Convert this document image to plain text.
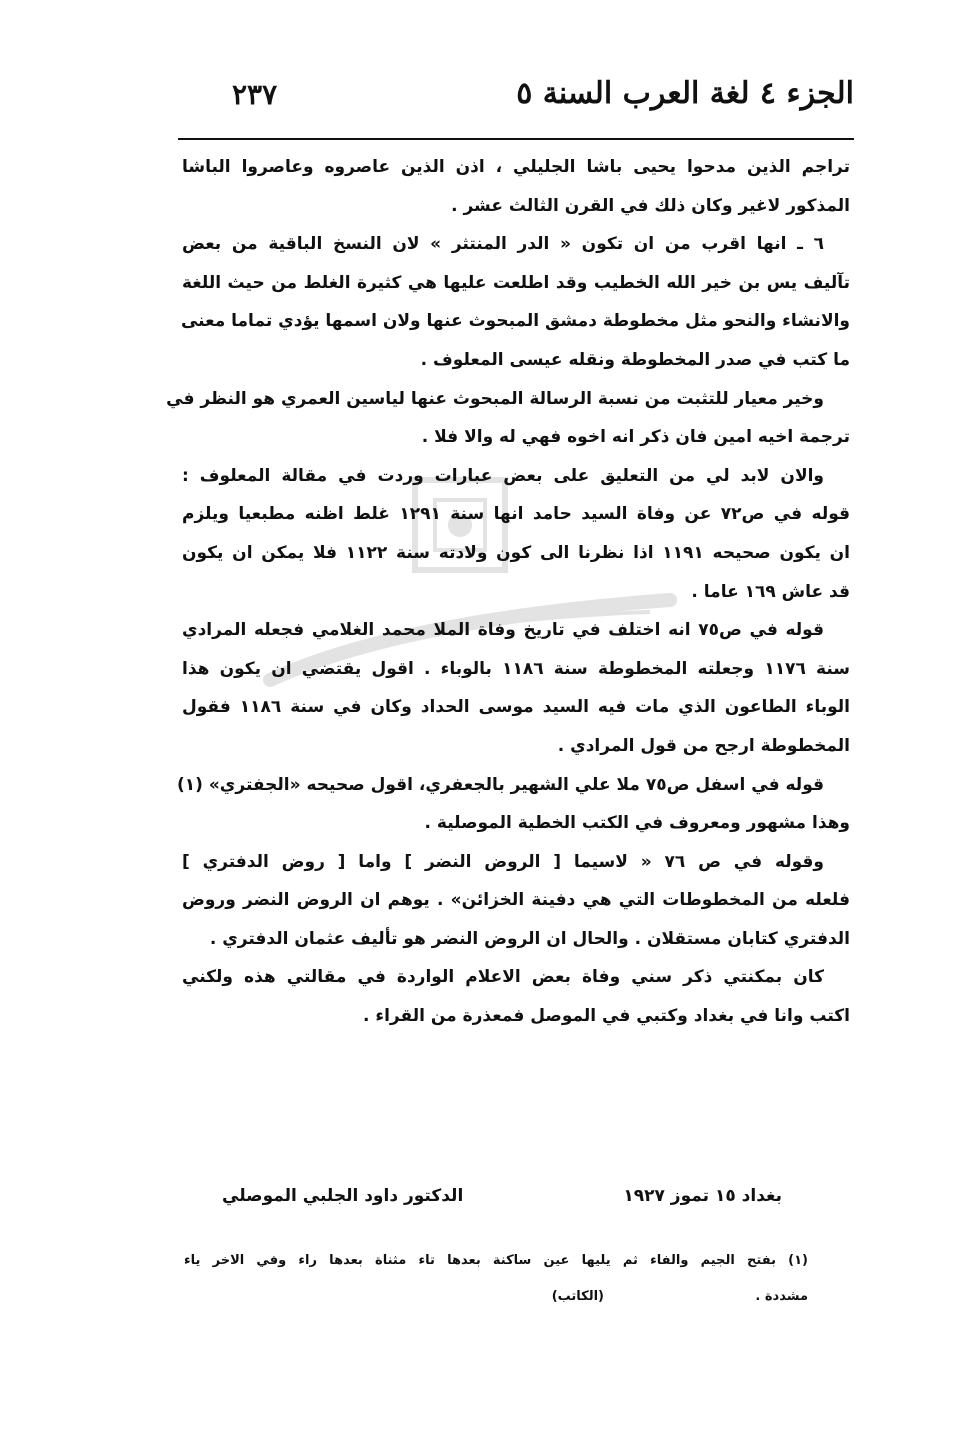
الجزء ٤ لغة العرب السنة ٥
٢٣٧
تراجم الذين مدحوا يحيى باشا الجليلي ، اذن الذين عاصروه وعاصروا الباشا
المذكور لاغير وكان ذلك في القرن الثالث عشر .
٦ ـ انها اقرب من ان تكون « الدر المنتثر » لان النسخ الباقية من بعض
تآليف يس بن خير الله الخطيب وقد اطلعت عليها هي كثيرة الغلط من حيث اللغة
والانشاء والنحو مثل مخطوطة دمشق المبحوث عنها ولان اسمها يؤدي تماما معنى
ما كتب في صدر المخطوطة ونقله عيسى المعلوف .
وخير معيار للتثبت من نسبة الرسالة المبحوث عنها لياسين العمري هو النظر في
ترجمة اخيه امين فان ذكر انه اخوه فهي له والا فلا .
والان لابد لي من التعليق على بعض عبارات وردت في مقالة المعلوف :
قوله في ص٧٢ عن وفاة السيد حامد انها سنة ١٢٩١ غلط اظنه مطبعيا ويلزم
ان يكون صحيحه ١١٩١ اذا نظرنا الى كون ولادته سنة ١١٢٢ فلا يمكن ان يكون
قد عاش ١٦٩ عاما .
قوله في ص٧٥ انه اختلف في تاريخ وفاة الملا محمد الغلامي فجعله المرادي
سنة ١١٧٦ وجعلته المخطوطة سنة ١١٨٦ بالوباء . اقول يقتضي ان يكون هذا
الوباء الطاعون الذي مات فيه السيد موسى الحداد وكان في سنة ١١٨٦ فقول
المخطوطة ارجح من قول المرادي .
قوله في اسفل ص٧٥ ملا علي الشهير بالجعفري، اقول صحيحه «الجفتري» (١)
وهذا مشهور ومعروف في الكتب الخطية الموصلية .
وقوله في ص ٧٦ « لاسيما [ الروض النضر ] واما [ روض الدفتري ]
فلعله من المخطوطات التي هي دفينة الخزائن» . يوهم ان الروض النضر وروض
الدفتري كتابان مستقلان . والحال ان الروض النضر هو تأليف عثمان الدفتري .
كان بمكنتي ذكر سني وفاة بعض الاعلام الواردة في مقالتي هذه ولكني
اكتب وانا في بغداد وكتبي في الموصل فمعذرة من القراء .
بغداد ١٥ تموز ١٩٢٧
الدكتور داود الجلبي الموصلي
(١) بفتح الجيم والفاء ثم يليها عين ساكنة بعدها تاء مثناة بعدها راء وفي الاخر ياء
مشددة .
(الكاتب)
